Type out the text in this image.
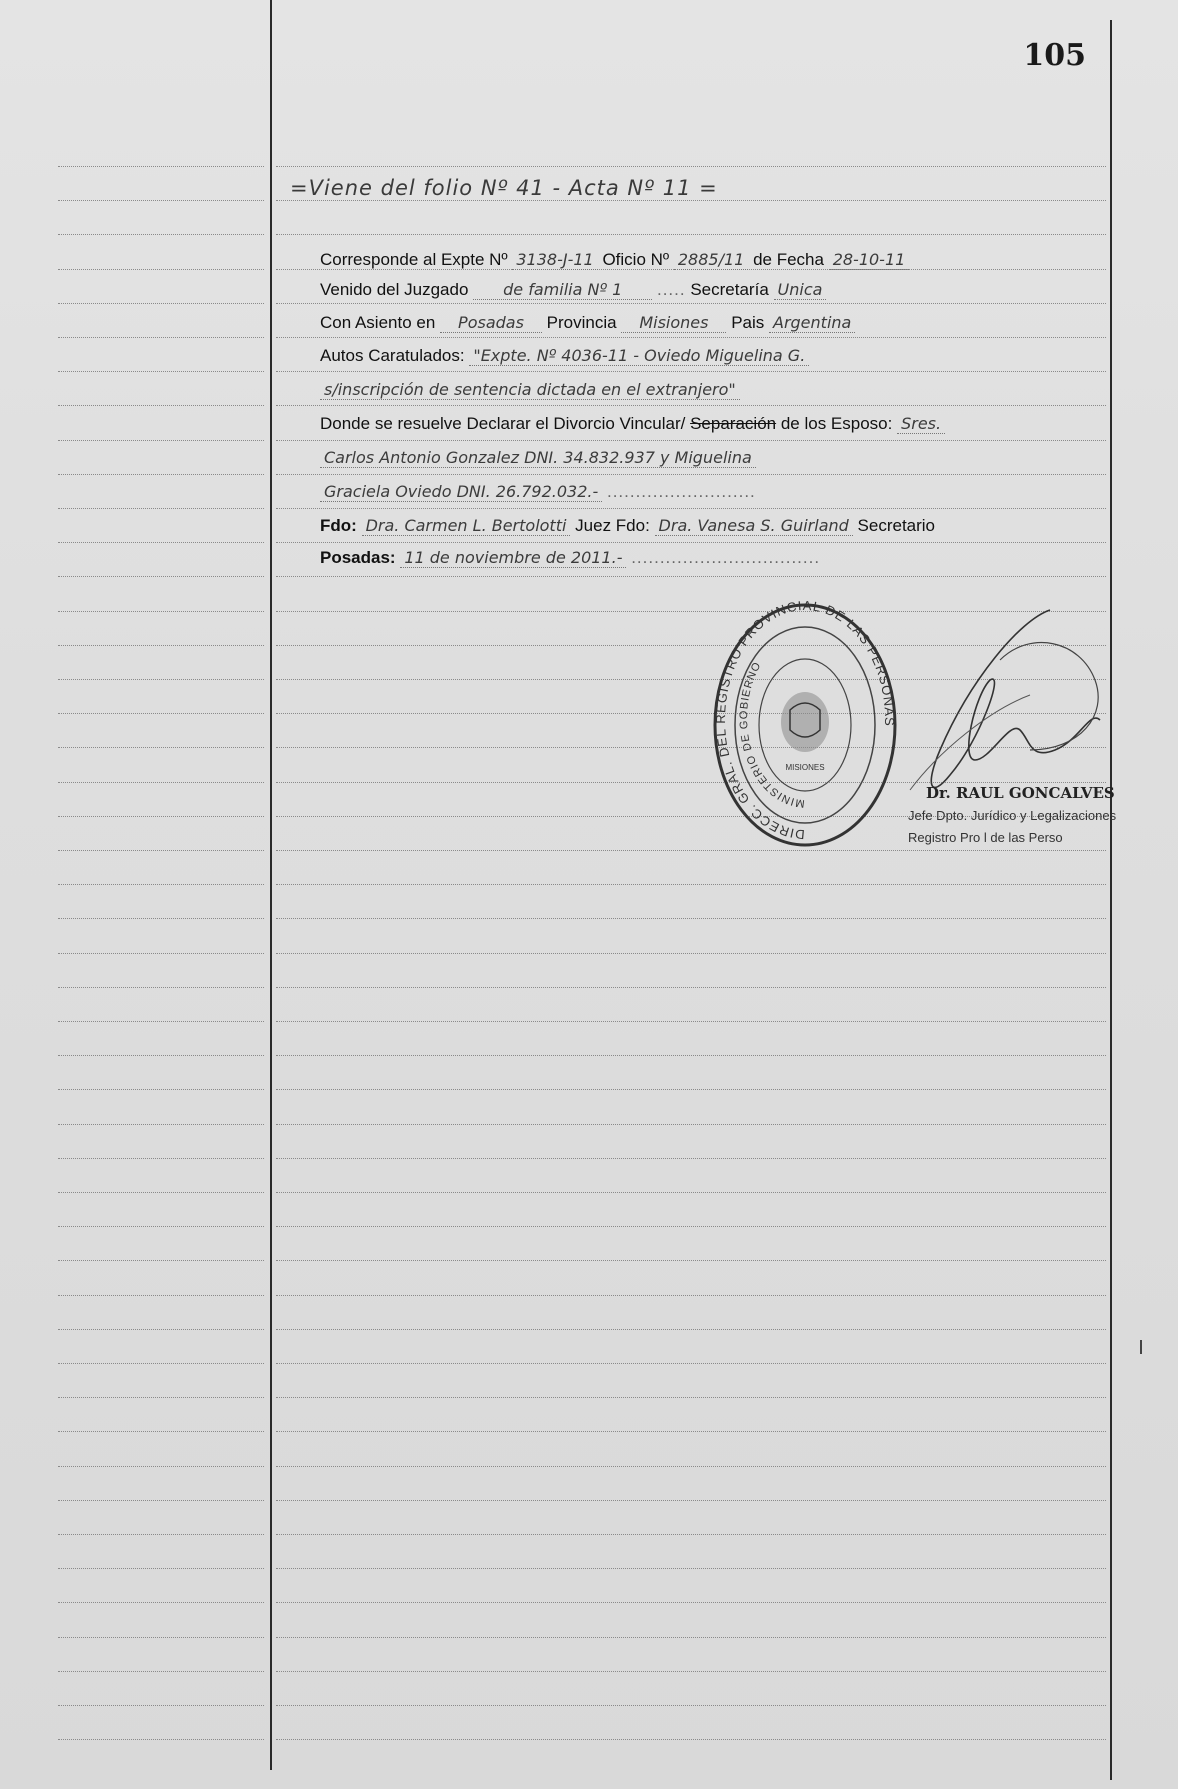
105
=Viene del folio Nº 41 - Acta Nº 11 =
Corresponde al Expte Nº 3138-J-11 Oficio Nº 2885/11 de Fecha 28-10-11
Venido del Juzgado de familia Nº 1 ..... Secretaría Unica
Con Asiento en Posadas Provincia Misiones Pais Argentina
Autos Caratulados: "Expte. Nº 4036-11 - Oviedo Miguelina G.
s/inscripción de sentencia dictada en el extranjero"
Donde se resuelve Declarar el Divorcio Vincular/ Separación de los Esposo: Sres.
Carlos Antonio Gonzalez DNI. 34.832.937 y Miguelina
Graciela Oviedo DNI. 26.792.032.- ..........................
Fdo: Dra. Carmen L. Bertolotti Juez Fdo: Dra. Vanesa S. Guirland Secretario
Posadas: 11 de noviembre de 2011.- .................................
DIRECC. GRAL. DEL REGISTRO PROVINCIAL DE LAS PERSONAS
MINISTERIO DE GOBIERNO
MISIONES
Dr. RAUL GONCALVES
Jefe Dpto. Jurídico y Legalizaciones
Registro Pro l de las Perso
